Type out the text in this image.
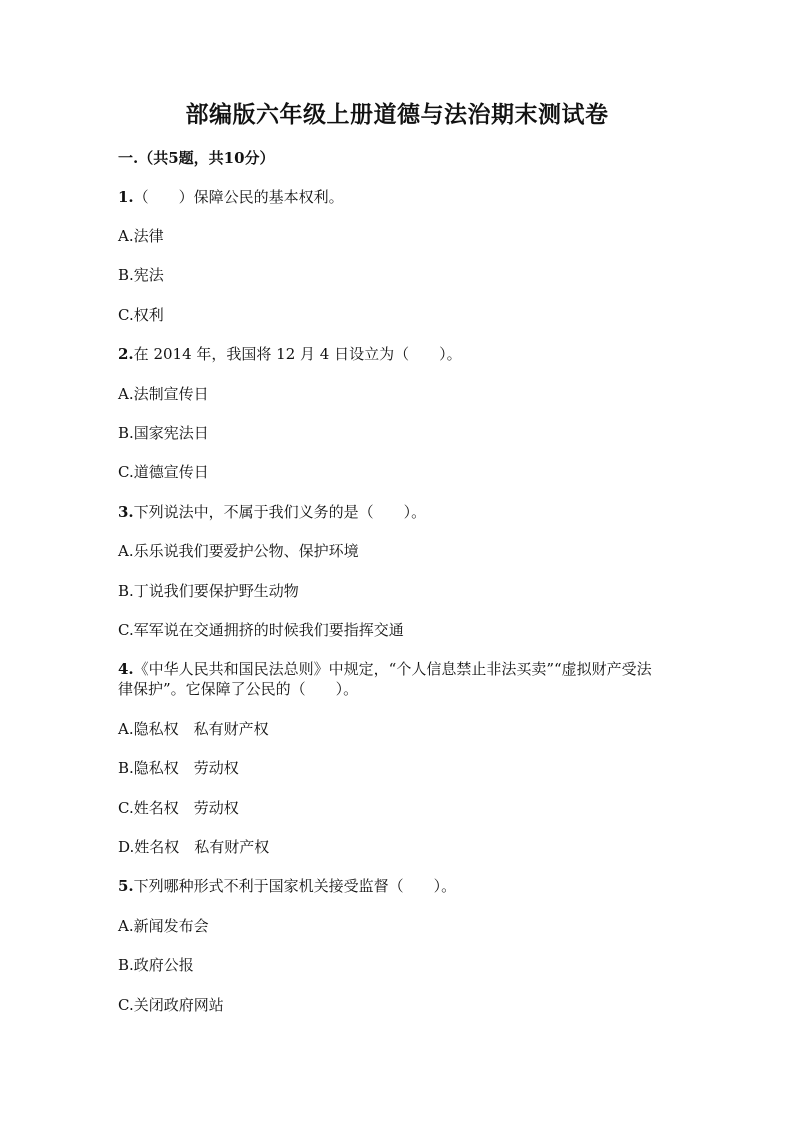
部编版六年级上册道德与法治期末测试卷
一.（共5题，共10分）
1.（　　）保障公民的基本权利。
A.法律
B.宪法
C.权利
2.在 2014 年，我国将 12 月 4 日设立为（　　）。
A.法制宣传日
B.国家宪法日
C.道德宣传日
3.下列说法中，不属于我们义务的是（　　）。
A.乐乐说我们要爱护公物、保护环境
B.丁说我们要保护野生动物
C.军军说在交通拥挤的时候我们要指挥交通
4.《中华人民共和国民法总则》中规定，“个人信息禁止非法买卖”“虚拟财产受法律保护”。它保障了公民的（　　）。
A.隐私权　私有财产权
B.隐私权　劳动权
C.姓名权　劳动权
D.姓名权　私有财产权
5.下列哪种形式不利于国家机关接受监督（　　）。
A.新闻发布会
B.政府公报
C.关闭政府网站
